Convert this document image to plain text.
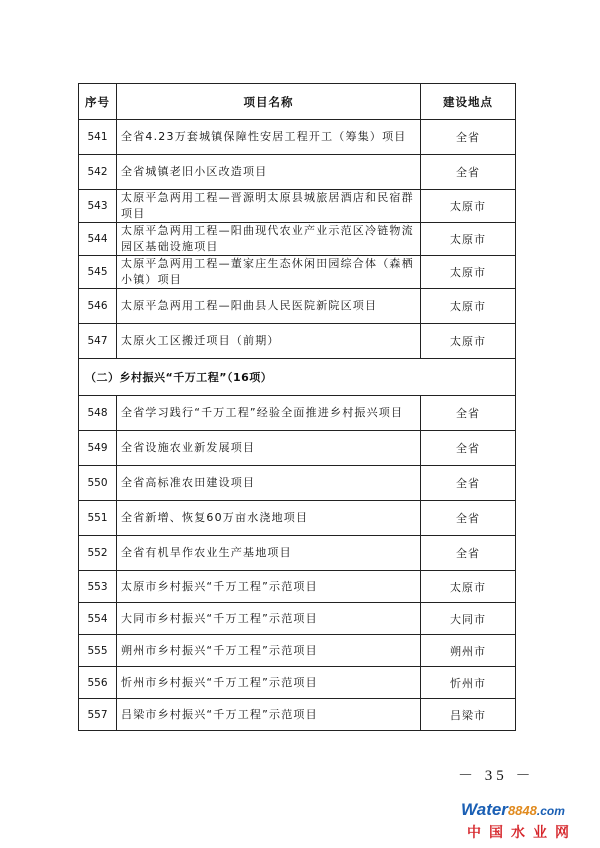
序号	项目名称	建设地点
541	全省4.23万套城镇保障性安居工程开工（筹集）项目	全省
542	全省城镇老旧小区改造项目	全省
543	太原平急两用工程—晋源明太原县城旅居酒店和民宿群项目	太原市
544	太原平急两用工程—阳曲现代农业产业示范区冷链物流园区基础设施项目	太原市
545	太原平急两用工程—董家庄生态休闲田园综合体（森栖小镇）项目	太原市
546	太原平急两用工程—阳曲县人民医院新院区项目	太原市
547	太原火工区搬迁项目（前期）	太原市
（二）乡村振兴“千万工程”（16项）		
548	全省学习践行“千万工程”经验全面推进乡村振兴项目	全省
549	全省设施农业新发展项目	全省
550	全省高标准农田建设项目	全省
551	全省新增、恢复60万亩水浇地项目	全省
552	全省有机旱作农业生产基地项目	全省
553	太原市乡村振兴“千万工程”示范项目	太原市
554	大同市乡村振兴“千万工程”示范项目	大同市
555	朔州市乡村振兴“千万工程”示范项目	朔州市
556	忻州市乡村振兴“千万工程”示范项目	忻州市
557	吕梁市乡村振兴“千万工程”示范项目	吕梁市
－ 35 －
Water8848.com
中国水业网
